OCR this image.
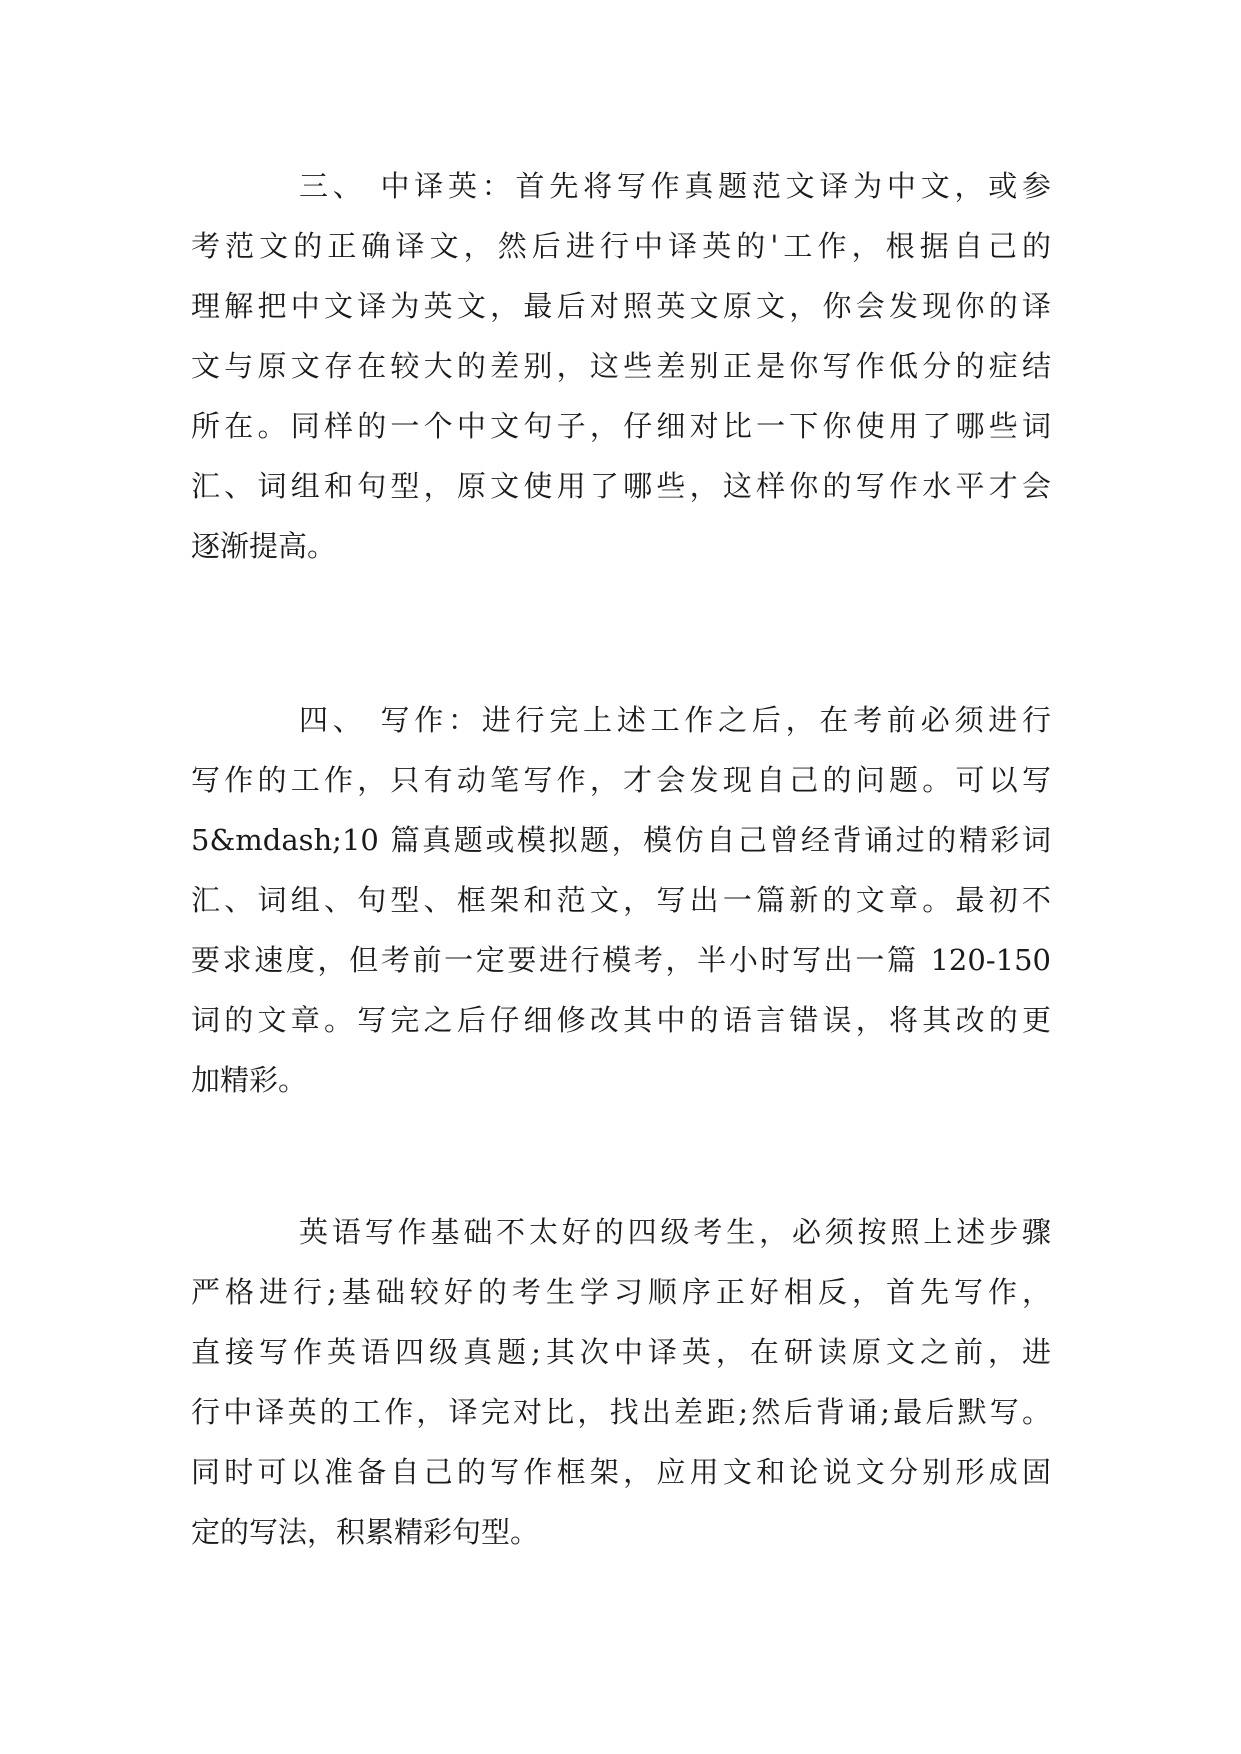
三、 中译英：首先将写作真题范文译为中文，或参
考范文的正确译文，然后进行中译英的'工作，根据自己的
理解把中文译为英文，最后对照英文原文，你会发现你的译
文与原文存在较大的差别，这些差别正是你写作低分的症结
所在。同样的一个中文句子，仔细对比一下你使用了哪些词
汇、词组和句型，原文使用了哪些，这样你的写作水平才会
逐渐提高。
四、 写作：进行完上述工作之后，在考前必须进行
写作的工作，只有动笔写作，才会发现自己的问题。可以写
5&mdash;10 篇真题或模拟题，模仿自己曾经背诵过的精彩词
汇、词组、句型、框架和范文，写出一篇新的文章。最初不
要求速度，但考前一定要进行模考，半小时写出一篇 120-150
词的文章。写完之后仔细修改其中的语言错误，将其改的更
加精彩。
英语写作基础不太好的四级考生，必须按照上述步骤
严格进行;基础较好的考生学习顺序正好相反，首先写作，
直接写作英语四级真题;其次中译英，在研读原文之前，进
行中译英的工作，译完对比，找出差距;然后背诵;最后默写。
同时可以准备自己的写作框架，应用文和论说文分别形成固
定的写法，积累精彩句型。
